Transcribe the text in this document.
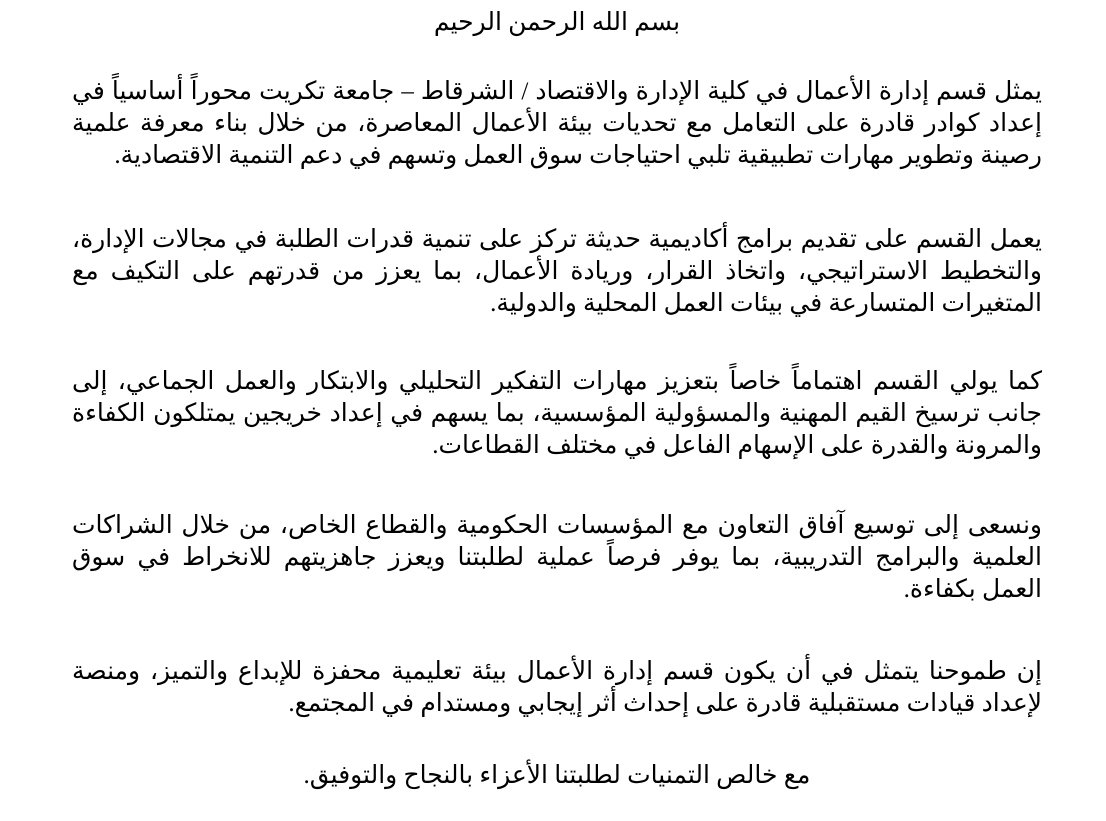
بسم الله الرحمن الرحيم
يمثل قسم إدارة الأعمال في كلية الإدارة والاقتصاد / الشرقاط – جامعة تكريت محوراً أساسياً في
إعداد كوادر قادرة على التعامل مع تحديات بيئة الأعمال المعاصرة، من خلال بناء معرفة علمية
رصينة وتطوير مهارات تطبيقية تلبي احتياجات سوق العمل وتسهم في دعم التنمية الاقتصادية.
يعمل القسم على تقديم برامج أكاديمية حديثة تركز على تنمية قدرات الطلبة في مجالات الإدارة،
والتخطيط الاستراتيجي، واتخاذ القرار، وريادة الأعمال، بما يعزز من قدرتهم على التكيف مع
المتغيرات المتسارعة في بيئات العمل المحلية والدولية.
كما يولي القسم اهتماماً خاصاً بتعزيز مهارات التفكير التحليلي والابتكار والعمل الجماعي، إلى
جانب ترسيخ القيم المهنية والمسؤولية المؤسسية، بما يسهم في إعداد خريجين يمتلكون الكفاءة
والمرونة والقدرة على الإسهام الفاعل في مختلف القطاعات.
ونسعى إلى توسيع آفاق التعاون مع المؤسسات الحكومية والقطاع الخاص، من خلال الشراكات
العلمية والبرامج التدريبية، بما يوفر فرصاً عملية لطلبتنا ويعزز جاهزيتهم للانخراط في سوق
العمل بكفاءة.
إن طموحنا يتمثل في أن يكون قسم إدارة الأعمال بيئة تعليمية محفزة للإبداع والتميز، ومنصة
لإعداد قيادات مستقبلية قادرة على إحداث أثر إيجابي ومستدام في المجتمع.
مع خالص التمنيات لطلبتنا الأعزاء بالنجاح والتوفيق.
